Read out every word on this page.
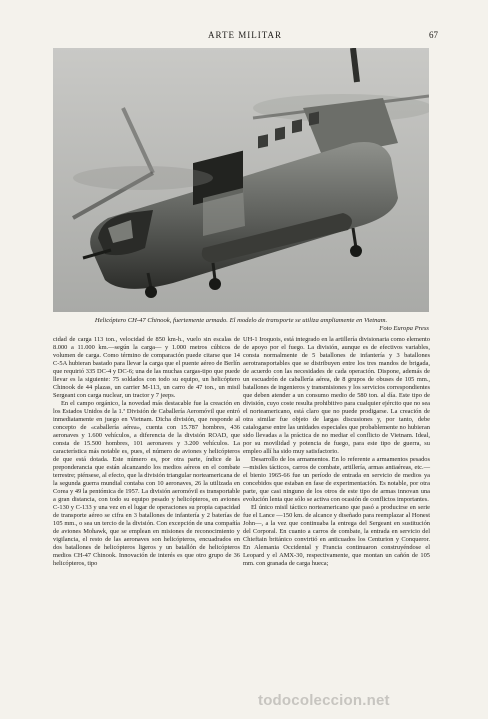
ARTE MILITAR	67
Helicóptero CH-47 Chinook, fuertemente armado. El modelo de transporte se utiliza ampliamente en Vietnam.
Foto Europa Press

cidad de carga 113 ton., velocidad de 850 km-h., vuelo sin escalas de 8.000 a 11.000 km.—según la carga— y 1.000 metros cúbicos de volumen de carga. Como término de comparación puede citarse que 14 C-5A hubieran bastado para llevar la carga que el puente aéreo de Berlín que requirió 335 DC-4 y DC-6; una de las muchas cargas-tipo que puede llevar es la siguiente: 75 soldados con todo su equipo, un helicóptero Chinook de 44 plazas, un carrier M-113, un carro de 47 ton., un misil Sergeant con carga nuclear, un tractor y 7 jeeps.

En el campo orgánico, la novedad más destacable fue la creación en los Estados Unidos de la 1.ª División de Caballería Aeromóvil que entró inmediatamente en juego en Vietnam. Dicha división, que responde al concepto de «caballería aérea», cuenta con 15.787 hombres, 436 aeronaves y 1.600 vehículos, a diferencia de la división ROAD, que consta de 15.500 hombres, 101 aeronaves y 3.200 vehículos. La característica más notable es, pues, el número de aviones y helicópteros de que está dotada. Este número es, por otra parte, índice de la preponderancia que están alcanzando los medios aéreos en el combate terrestre; piénsese, al efecto, que la división triangular norteamericana de la segunda guerra mundial contaba con 10 aeronaves, 26 la utilizada en Corea y 49 la pentómica de 1957. La división aeromóvil es transportable a gran distancia, con todo su equipo pesado y helicópteros, en aviones C-130 y C-133 y una vez en el lugar de operaciones su propia capacidad de transporte aéreo se cifra en 3 batallones de infantería y 2 baterías de 105 mm., o sea un tercio de la división. Con excepción de una compañía de aviones Mohawk, que se emplean en misiones de reconocimiento y vigilancia, el resto de las aeronaves son helicópteros, encuadrados en dos batallones de helicópteros ligeros y un batallón de helicópteros medios CH-47 Chinook. Innovación de interés es que otro grupo de 36 helicópteros, tipo

UH-1 Iroquois, está integrado en la artillería divisionaria como elemento de apoyo por el fuego. La división, aunque es de efectivos variables, consta normalmente de 5 batallones de infantería y 3 batallones aerotransportables que se distribuyen entre los tres mandos de brigada, de acuerdo con las necesidades de cada operación. Dispone, además de un escuadrón de caballería aérea, de 8 grupos de obuses de 105 mm., batallones de ingenieros y transmisiones y los servicios correspondientes que deben atender a un consumo medio de 580 ton. al día. Este tipo de división, cuyo coste resulta prohibitivo para cualquier ejército que no sea el norteamericano, está claro que no puede prodigarse. La creación de otra similar fue objeto de largas discusiones y, por tanto, debe catalogarse entre las unidades especiales que probablemente no hubieran sido llevadas a la práctica de no mediar el conflicto de Vietnam. Ideal, por su movilidad y potencia de fuego, para este tipo de guerra, su empleo allí ha sido muy satisfactorio.

Desarrollo de los armamentos. En lo referente a armamentos pesados —misiles tácticos, carros de combate, artillería, armas antiaéreas, etc.— el bienio 1965-66 fue un período de entrada en servicio de medios ya concebidos que estaban en fase de experimentación. Es notable, por otra parte, que casi ninguno de los otros de este tipo de armas innovan una evolución lenta que sólo se activa con ocasión de conflictos importantes.

El único misil táctico norteamericano que pasó a producirse en serie fue el Lance —150 km. de alcance y diseñado para reemplazar al Honest John—, a la vez que continuaba la entrega del Sergeant en sustitución del Corporal. En cuanto a carros de combate, la entrada en servicio del Chieftain británico convirtió en anticuados los Centurion y Conqueror. En Alemania Occidental y Francia continuaron construyéndose el Leopard y el AMX-30, respectivamente, que montan un cañón de 105 mm. con granada de carga hueca;

todocoleccion.net
